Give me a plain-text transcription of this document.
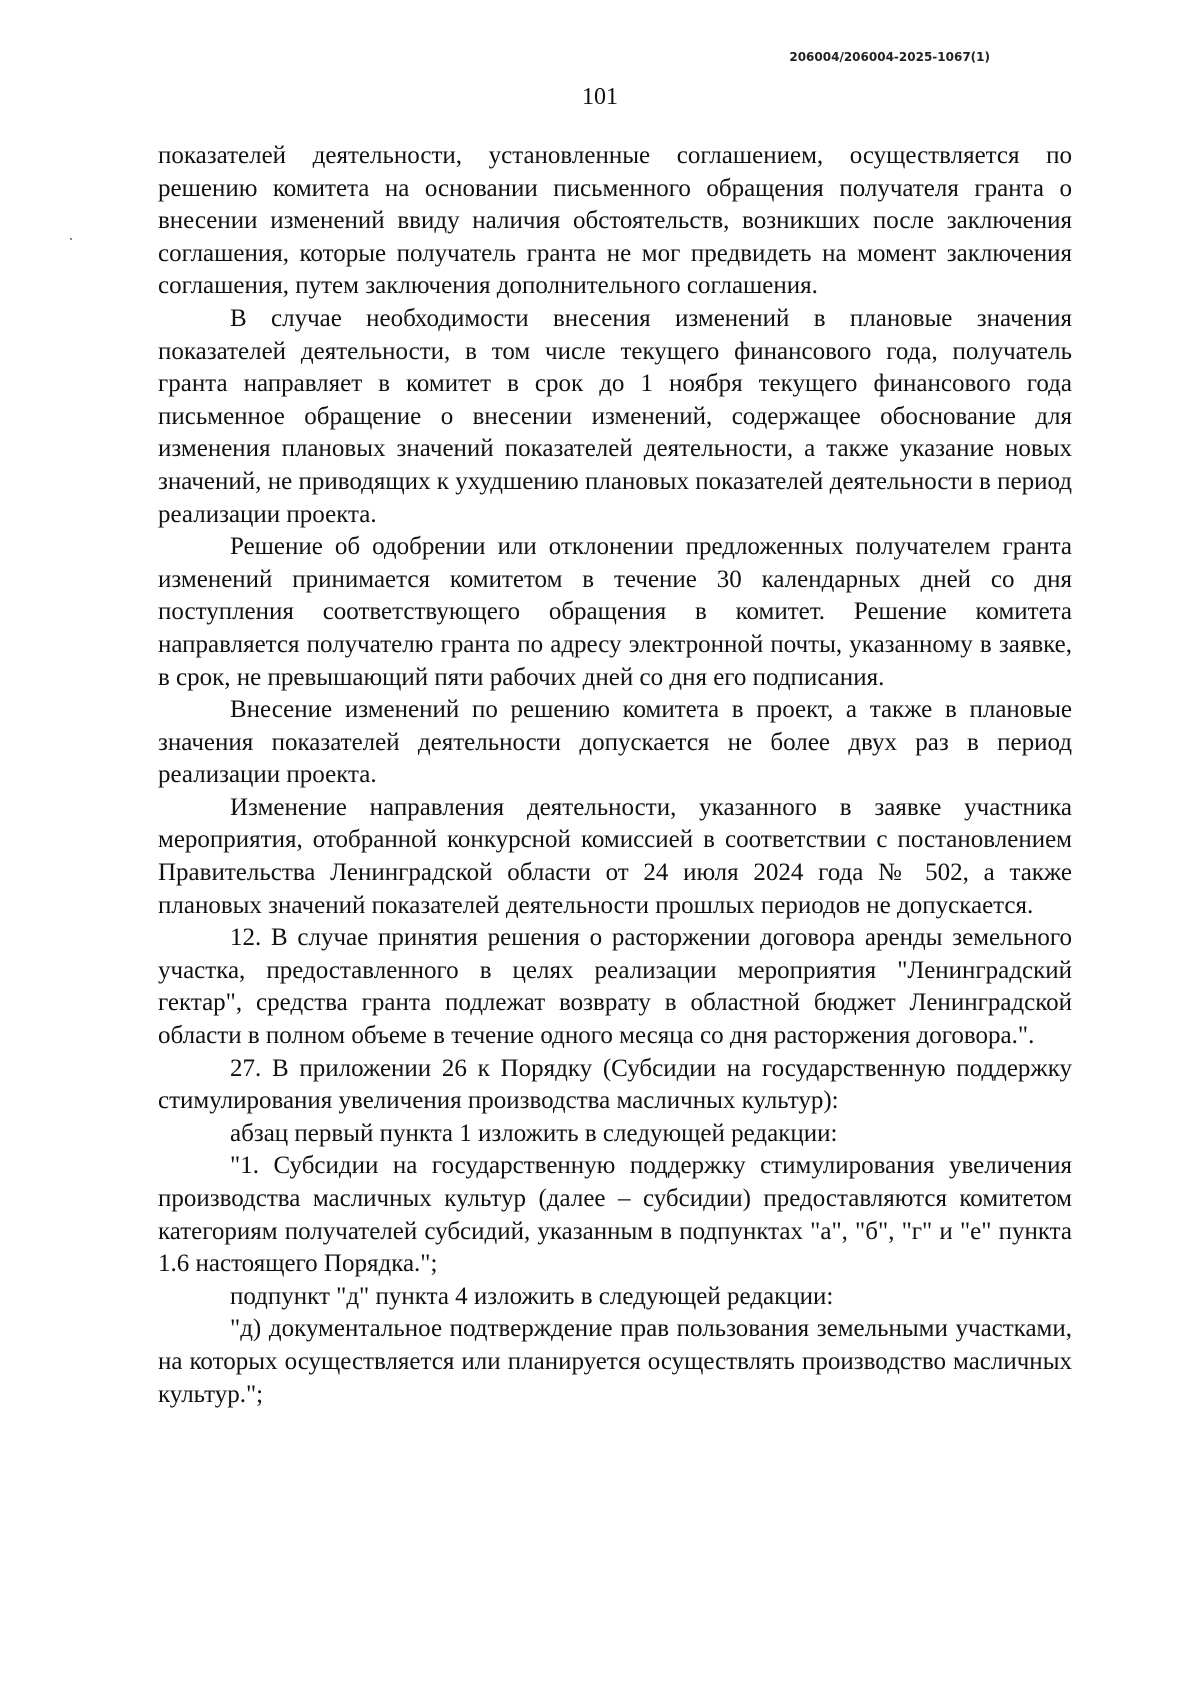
206004/206004-2025-1067(1)
101

показателей деятельности, установленные соглашением, осуществляется по решению комитета на основании письменного обращения получателя гранта о внесении изменений ввиду наличия обстоятельств, возникших после заключения соглашения, которые получатель гранта не мог предвидеть на момент заключения соглашения, путем заключения дополнительного соглашения.

В случае необходимости внесения изменений в плановые значения показателей деятельности, в том числе текущего финансового года, получатель гранта направляет в комитет в срок до 1 ноября текущего финансового года письменное обращение о внесении изменений, содержащее обоснование для изменения плановых значений показателей деятельности, а также указание новых значений, не приводящих к ухудшению плановых показателей деятельности в период реализации проекта.

Решение об одобрении или отклонении предложенных получателем гранта изменений принимается комитетом в течение 30 календарных дней со дня поступления соответствующего обращения в комитет. Решение комитета направляется получателю гранта по адресу электронной почты, указанному в заявке, в срок, не превышающий пяти рабочих дней со дня его подписания.

Внесение изменений по решению комитета в проект, а также в плановые значения показателей деятельности допускается не более двух раз в период реализации проекта.

Изменение направления деятельности, указанного в заявке участника мероприятия, отобранной конкурсной комиссией в соответствии с постановлением Правительства Ленинградской области от 24 июля 2024 года № 502, а также плановых значений показателей деятельности прошлых периодов не допускается.

12. В случае принятия решения о расторжении договора аренды земельного участка, предоставленного в целях реализации мероприятия "Ленинградский гектар", средства гранта подлежат возврату в областной бюджет Ленинградской области в полном объеме в течение одного месяца со дня расторжения договора.".

27. В приложении 26 к Порядку (Субсидии на государственную поддержку стимулирования увеличения производства масличных культур):

абзац первый пункта 1 изложить в следующей редакции:

"1. Субсидии на государственную поддержку стимулирования увеличения производства масличных культур (далее – субсидии) предоставляются комитетом категориям получателей субсидий, указанным в подпунктах "а", "б", "г" и "е" пункта 1.6 настоящего Порядка.";

подпункт "д" пункта 4 изложить в следующей редакции:

"д) документальное подтверждение прав пользования земельными участками, на которых осуществляется или планируется осуществлять производство масличных культур.";
